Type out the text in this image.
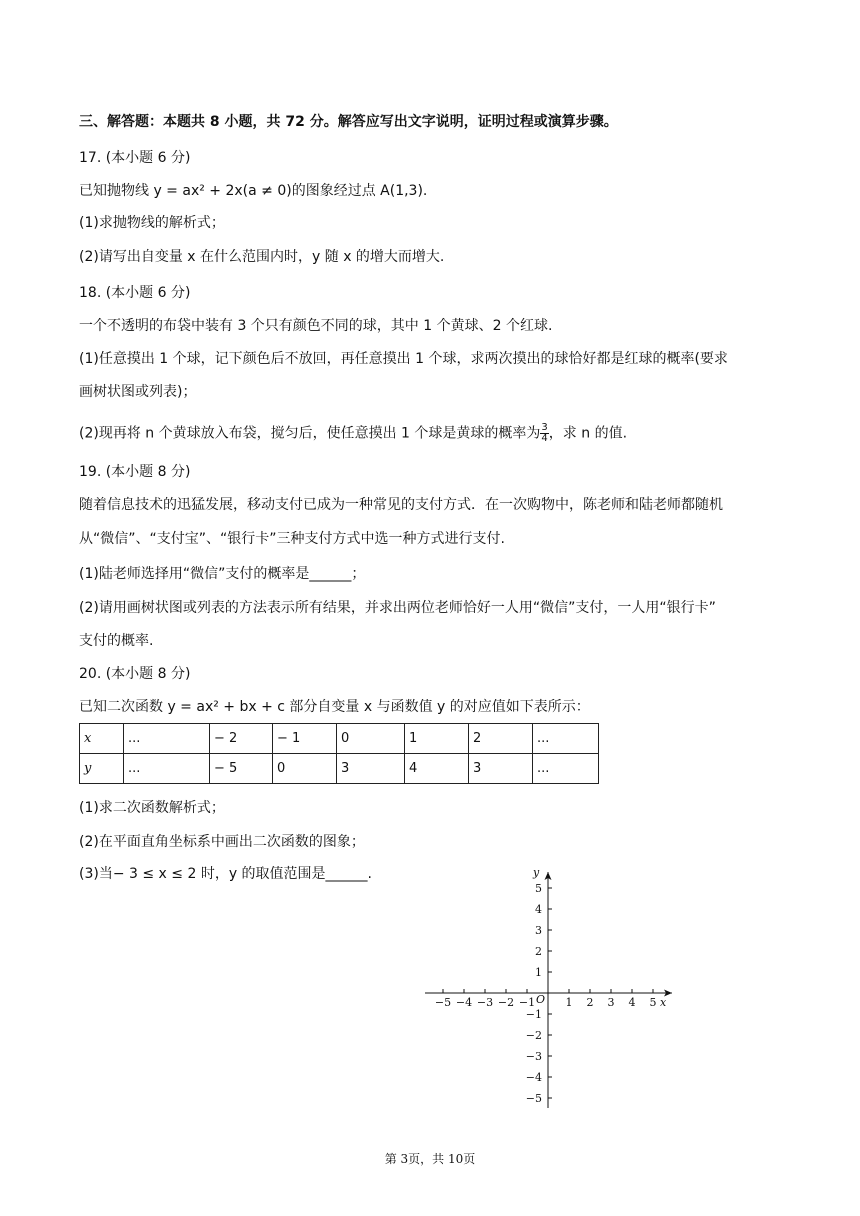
三、解答题：本题共 8 小题，共 72 分。解答应写出文字说明，证明过程或演算步骤。
17. (本小题 6 分)
已知抛物线 y = ax² + 2x(a ≠ 0)的图象经过点 A(1,3).
(1)求抛物线的解析式；
(2)请写出自变量 x 在什么范围内时，y 随 x 的增大而增大.
18. (本小题 6 分)
一个不透明的布袋中装有 3 个只有颜色不同的球，其中 1 个黄球、2 个红球.
(1)任意摸出 1 个球，记下颜色后不放回，再任意摸出 1 个球，求两次摸出的球恰好都是红球的概率(要求
画树状图或列表)；
(2)现再将 n 个黄球放入布袋，搅匀后，使任意摸出 1 个球是黄球的概率为 $\frac{3}{4}$ ，求 n 的值.
19. (本小题 8 分)
随着信息技术的迅猛发展，移动支付已成为一种常见的支付方式．在一次购物中，陈老师和陆老师都随机
从“微信”、“支付宝”、“银行卡”三种支付方式中选一种方式进行支付.
(1)陆老师选择用“微信”支付的概率是______；
(2)请用画树状图或列表的方法表示所有结果，并求出两位老师恰好一人用“微信”支付，一人用“银行卡”
支付的概率.
20. (本小题 8 分)
已知二次函数 y = ax² + bx + c 部分自变量 x 与函数值 y 的对应值如下表所示：
x	...	− 2	− 1	0	1	2	...
y	...	− 5	0	3	4	3	...
(1)求二次函数解析式；
(2)在平面直角坐标系中画出二次函数的图象；
(3)当− 3 ≤ x ≤ 2 时，y 的取值范围是______.
−5 −4 −3 −2 −1	1 2 3 4 5
5
4
3
2
1
−1
−2
−3
−4
−5
x
y
O
第 3页，共 10页
